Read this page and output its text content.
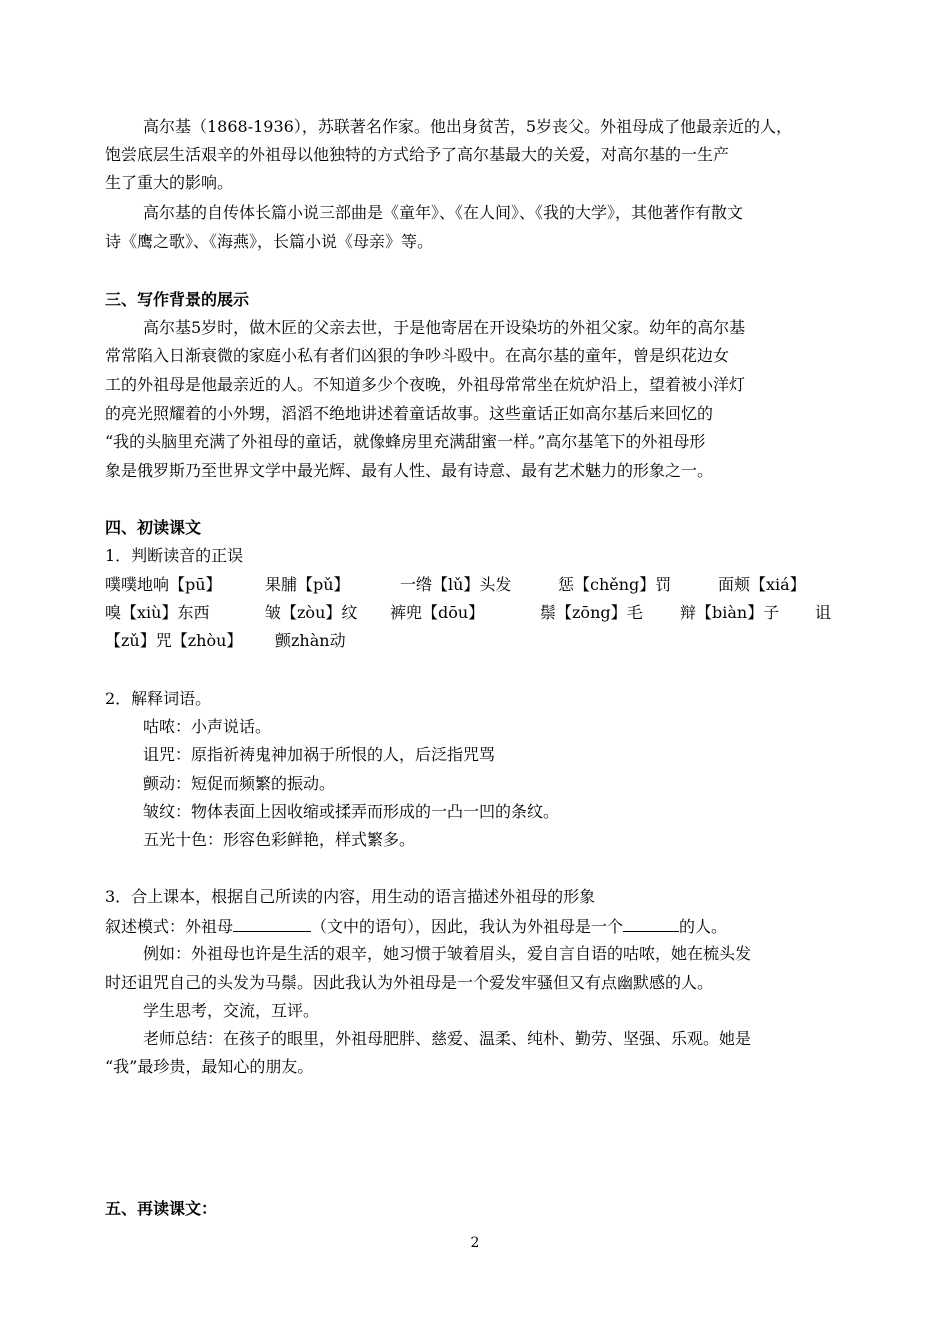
高尔基（1868-1936），苏联著名作家。他出身贫苦，5岁丧父。外祖母成了他最亲近的人，
饱尝底层生活艰辛的外祖母以他独特的方式给予了高尔基最大的关爱，对高尔基的一生产
生了重大的影响。
高尔基的自传体长篇小说三部曲是《童年》、《在人间》、《我的大学》，其他著作有散文
诗《鹰之歌》、《海燕》，长篇小说《母亲》等。
三、写作背景的展示
高尔基5岁时，做木匠的父亲去世，于是他寄居在开设染坊的外祖父家。幼年的高尔基
常常陷入日渐衰微的家庭小私有者们凶狠的争吵斗殴中。在高尔基的童年，曾是织花边女
工的外祖母是他最亲近的人。不知道多少个夜晚，外祖母常常坐在炕炉沿上，望着被小洋灯
的亮光照耀着的小外甥，滔滔不绝地讲述着童话故事。这些童话正如高尔基后来回忆的
“我的头脑里充满了外祖母的童话，就像蜂房里充满甜蜜一样。”高尔基笔下的外祖母形
象是俄罗斯乃至世界文学中最光辉、最有人性、最有诗意、最有艺术魅力的形象之一。
四、初读课文
1．判断读音的正误
噗噗地响【pū】	果脯【pǔ】	一绺【lǔ】头发	惩【chěng】罚	面颊【xiá】
嗅【xiù】东西	皱【zòu】纹 裤兜【dōu】	鬃【zōng】毛 辩【biàn】子 诅
【zǔ】咒【zhòu】 颤zhàn动
2．解释词语。
咕哝：小声说话。
诅咒：原指祈祷鬼神加祸于所恨的人，后泛指咒骂
颤动：短促而频繁的振动。
皱纹：物体表面上因收缩或揉弄而形成的一凸一凹的条纹。
五光十色：形容色彩鲜艳，样式繁多。
3．合上课本，根据自己所读的内容，用生动的语言描述外祖母的形象
叙述模式：外祖母	（文中的语句），因此，我认为外祖母是一个	的人。
例如：外祖母也许是生活的艰辛，她习惯于皱着眉头，爱自言自语的咕哝，她在梳头发
时还诅咒自己的头发为马鬃。因此我认为外祖母是一个爱发牢骚但又有点幽默感的人。
学生思考，交流，互评。
老师总结：在孩子的眼里，外祖母肥胖、慈爱、温柔、纯朴、勤劳、坚强、乐观。她是
“我”最珍贵，最知心的朋友。
五、再读课文：
2
